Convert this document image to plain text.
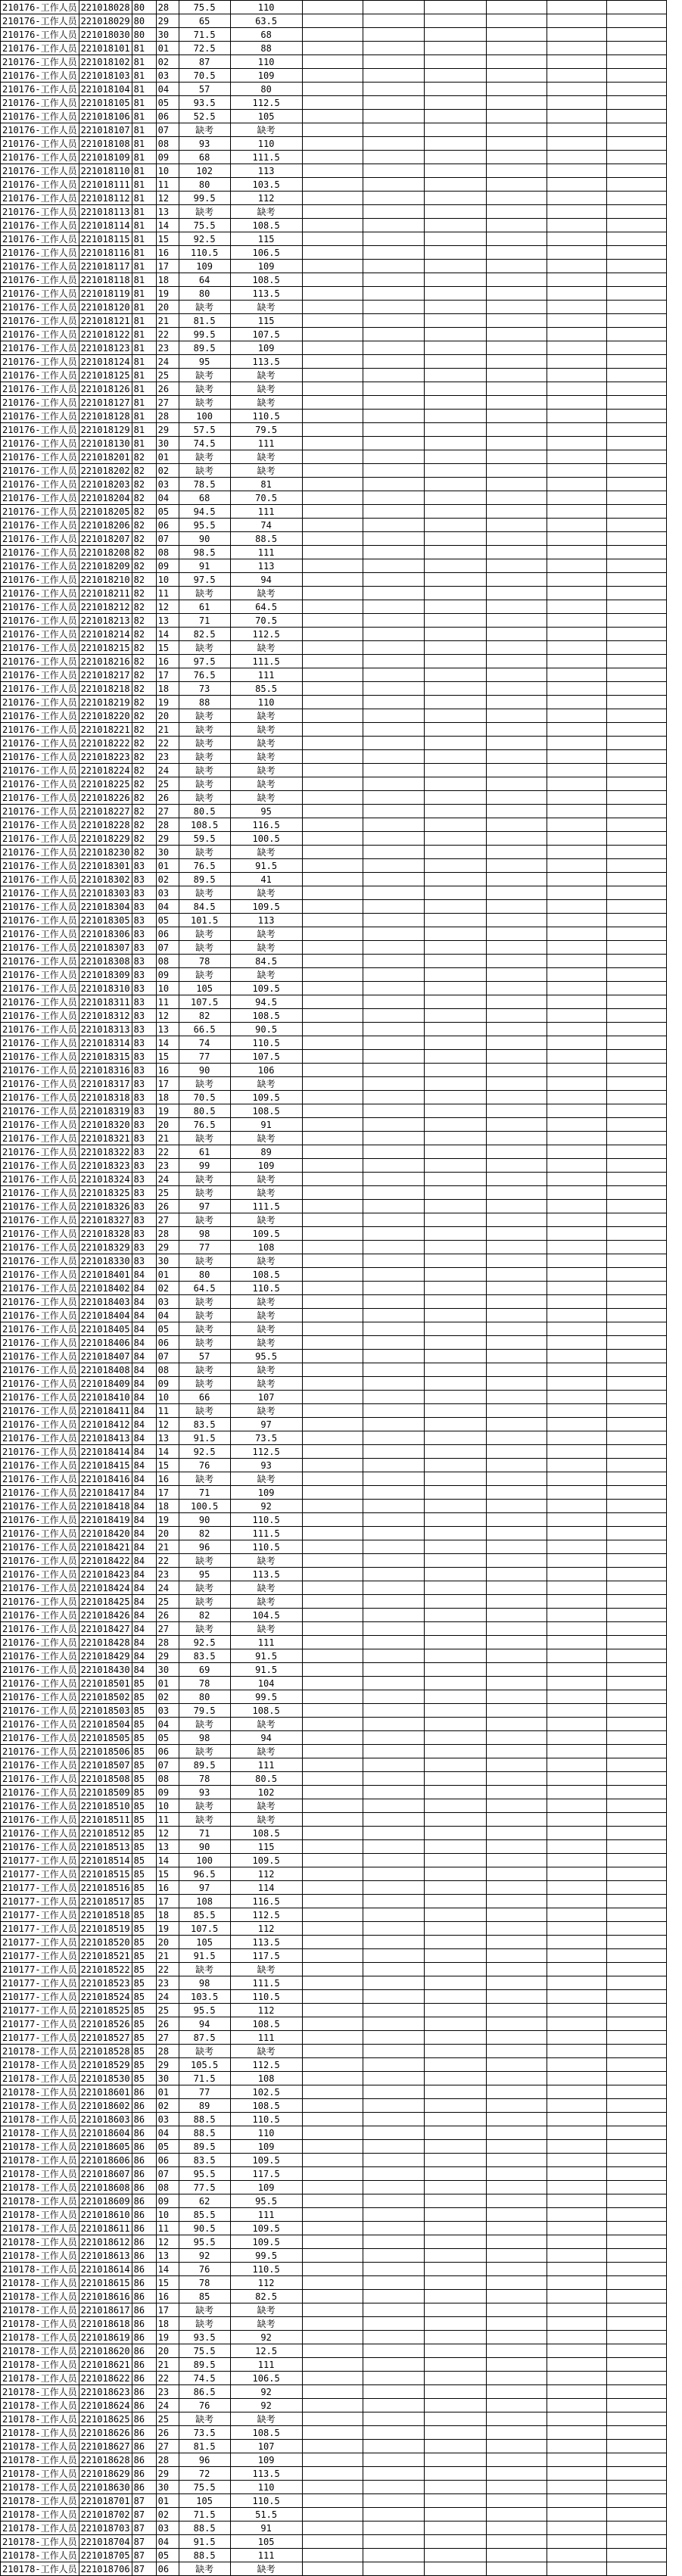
210176-工作人员	221018028	80	28	75.5	110						
210176-工作人员	221018029	80	29	65	63.5						
210176-工作人员	221018030	80	30	71.5	68						
210176-工作人员	221018101	81	01	72.5	88						
210176-工作人员	221018102	81	02	87	110						
210176-工作人员	221018103	81	03	70.5	109						
210176-工作人员	221018104	81	04	57	80						
210176-工作人员	221018105	81	05	93.5	112.5						
210176-工作人员	221018106	81	06	52.5	105						
210176-工作人员	221018107	81	07	缺考	缺考						
210176-工作人员	221018108	81	08	93	110						
210176-工作人员	221018109	81	09	68	111.5						
210176-工作人员	221018110	81	10	102	113						
210176-工作人员	221018111	81	11	80	103.5						
210176-工作人员	221018112	81	12	99.5	112						
210176-工作人员	221018113	81	13	缺考	缺考						
210176-工作人员	221018114	81	14	75.5	108.5						
210176-工作人员	221018115	81	15	92.5	115						
210176-工作人员	221018116	81	16	110.5	106.5						
210176-工作人员	221018117	81	17	109	109						
210176-工作人员	221018118	81	18	64	108.5						
210176-工作人员	221018119	81	19	80	113.5						
210176-工作人员	221018120	81	20	缺考	缺考						
210176-工作人员	221018121	81	21	81.5	115						
210176-工作人员	221018122	81	22	99.5	107.5						
210176-工作人员	221018123	81	23	89.5	109						
210176-工作人员	221018124	81	24	95	113.5						
210176-工作人员	221018125	81	25	缺考	缺考						
210176-工作人员	221018126	81	26	缺考	缺考						
210176-工作人员	221018127	81	27	缺考	缺考						
210176-工作人员	221018128	81	28	100	110.5						
210176-工作人员	221018129	81	29	57.5	79.5						
210176-工作人员	221018130	81	30	74.5	111						
210176-工作人员	221018201	82	01	缺考	缺考						
210176-工作人员	221018202	82	02	缺考	缺考						
210176-工作人员	221018203	82	03	78.5	81						
210176-工作人员	221018204	82	04	68	70.5						
210176-工作人员	221018205	82	05	94.5	111						
210176-工作人员	221018206	82	06	95.5	74						
210176-工作人员	221018207	82	07	90	88.5						
210176-工作人员	221018208	82	08	98.5	111						
210176-工作人员	221018209	82	09	91	113						
210176-工作人员	221018210	82	10	97.5	94						
210176-工作人员	221018211	82	11	缺考	缺考						
210176-工作人员	221018212	82	12	61	64.5						
210176-工作人员	221018213	82	13	71	70.5						
210176-工作人员	221018214	82	14	82.5	112.5						
210176-工作人员	221018215	82	15	缺考	缺考						
210176-工作人员	221018216	82	16	97.5	111.5						
210176-工作人员	221018217	82	17	76.5	111						
210176-工作人员	221018218	82	18	73	85.5						
210176-工作人员	221018219	82	19	88	110						
210176-工作人员	221018220	82	20	缺考	缺考						
210176-工作人员	221018221	82	21	缺考	缺考						
210176-工作人员	221018222	82	22	缺考	缺考						
210176-工作人员	221018223	82	23	缺考	缺考						
210176-工作人员	221018224	82	24	缺考	缺考						
210176-工作人员	221018225	82	25	缺考	缺考						
210176-工作人员	221018226	82	26	缺考	缺考						
210176-工作人员	221018227	82	27	80.5	95						
210176-工作人员	221018228	82	28	108.5	116.5						
210176-工作人员	221018229	82	29	59.5	100.5						
210176-工作人员	221018230	82	30	缺考	缺考						
210176-工作人员	221018301	83	01	76.5	91.5						
210176-工作人员	221018302	83	02	89.5	41						
210176-工作人员	221018303	83	03	缺考	缺考						
210176-工作人员	221018304	83	04	84.5	109.5						
210176-工作人员	221018305	83	05	101.5	113						
210176-工作人员	221018306	83	06	缺考	缺考						
210176-工作人员	221018307	83	07	缺考	缺考						
210176-工作人员	221018308	83	08	78	84.5						
210176-工作人员	221018309	83	09	缺考	缺考						
210176-工作人员	221018310	83	10	105	109.5						
210176-工作人员	221018311	83	11	107.5	94.5						
210176-工作人员	221018312	83	12	82	108.5						
210176-工作人员	221018313	83	13	66.5	90.5						
210176-工作人员	221018314	83	14	74	110.5						
210176-工作人员	221018315	83	15	77	107.5						
210176-工作人员	221018316	83	16	90	106						
210176-工作人员	221018317	83	17	缺考	缺考						
210176-工作人员	221018318	83	18	70.5	109.5						
210176-工作人员	221018319	83	19	80.5	108.5						
210176-工作人员	221018320	83	20	76.5	91						
210176-工作人员	221018321	83	21	缺考	缺考						
210176-工作人员	221018322	83	22	61	89						
210176-工作人员	221018323	83	23	99	109						
210176-工作人员	221018324	83	24	缺考	缺考						
210176-工作人员	221018325	83	25	缺考	缺考						
210176-工作人员	221018326	83	26	97	111.5						
210176-工作人员	221018327	83	27	缺考	缺考						
210176-工作人员	221018328	83	28	98	109.5						
210176-工作人员	221018329	83	29	77	108						
210176-工作人员	221018330	83	30	缺考	缺考						
210176-工作人员	221018401	84	01	80	108.5						
210176-工作人员	221018402	84	02	64.5	110.5						
210176-工作人员	221018403	84	03	缺考	缺考						
210176-工作人员	221018404	84	04	缺考	缺考						
210176-工作人员	221018405	84	05	缺考	缺考						
210176-工作人员	221018406	84	06	缺考	缺考						
210176-工作人员	221018407	84	07	57	95.5						
210176-工作人员	221018408	84	08	缺考	缺考						
210176-工作人员	221018409	84	09	缺考	缺考						
210176-工作人员	221018410	84	10	66	107						
210176-工作人员	221018411	84	11	缺考	缺考						
210176-工作人员	221018412	84	12	83.5	97						
210176-工作人员	221018413	84	13	91.5	73.5						
210176-工作人员	221018414	84	14	92.5	112.5						
210176-工作人员	221018415	84	15	76	93						
210176-工作人员	221018416	84	16	缺考	缺考						
210176-工作人员	221018417	84	17	71	109						
210176-工作人员	221018418	84	18	100.5	92						
210176-工作人员	221018419	84	19	90	110.5						
210176-工作人员	221018420	84	20	82	111.5						
210176-工作人员	221018421	84	21	96	110.5						
210176-工作人员	221018422	84	22	缺考	缺考						
210176-工作人员	221018423	84	23	95	113.5						
210176-工作人员	221018424	84	24	缺考	缺考						
210176-工作人员	221018425	84	25	缺考	缺考						
210176-工作人员	221018426	84	26	82	104.5						
210176-工作人员	221018427	84	27	缺考	缺考						
210176-工作人员	221018428	84	28	92.5	111						
210176-工作人员	221018429	84	29	83.5	91.5						
210176-工作人员	221018430	84	30	69	91.5						
210176-工作人员	221018501	85	01	78	104						
210176-工作人员	221018502	85	02	80	99.5						
210176-工作人员	221018503	85	03	79.5	108.5						
210176-工作人员	221018504	85	04	缺考	缺考						
210176-工作人员	221018505	85	05	98	94						
210176-工作人员	221018506	85	06	缺考	缺考						
210176-工作人员	221018507	85	07	89.5	111						
210176-工作人员	221018508	85	08	78	80.5						
210176-工作人员	221018509	85	09	93	102						
210176-工作人员	221018510	85	10	缺考	缺考						
210176-工作人员	221018511	85	11	缺考	缺考						
210176-工作人员	221018512	85	12	71	108.5						
210176-工作人员	221018513	85	13	90	115						
210177-工作人员	221018514	85	14	100	109.5						
210177-工作人员	221018515	85	15	96.5	112						
210177-工作人员	221018516	85	16	97	114						
210177-工作人员	221018517	85	17	108	116.5						
210177-工作人员	221018518	85	18	85.5	112.5						
210177-工作人员	221018519	85	19	107.5	112						
210177-工作人员	221018520	85	20	105	113.5						
210177-工作人员	221018521	85	21	91.5	117.5						
210177-工作人员	221018522	85	22	缺考	缺考						
210177-工作人员	221018523	85	23	98	111.5						
210177-工作人员	221018524	85	24	103.5	110.5						
210177-工作人员	221018525	85	25	95.5	112						
210177-工作人员	221018526	85	26	94	108.5						
210177-工作人员	221018527	85	27	87.5	111						
210178-工作人员	221018528	85	28	缺考	缺考						
210178-工作人员	221018529	85	29	105.5	112.5						
210178-工作人员	221018530	85	30	71.5	108						
210178-工作人员	221018601	86	01	77	102.5						
210178-工作人员	221018602	86	02	89	108.5						
210178-工作人员	221018603	86	03	88.5	110.5						
210178-工作人员	221018604	86	04	88.5	110						
210178-工作人员	221018605	86	05	89.5	109						
210178-工作人员	221018606	86	06	83.5	109.5						
210178-工作人员	221018607	86	07	95.5	117.5						
210178-工作人员	221018608	86	08	77.5	109						
210178-工作人员	221018609	86	09	62	95.5						
210178-工作人员	221018610	86	10	85.5	111						
210178-工作人员	221018611	86	11	90.5	109.5						
210178-工作人员	221018612	86	12	95.5	109.5						
210178-工作人员	221018613	86	13	92	99.5						
210178-工作人员	221018614	86	14	76	110.5						
210178-工作人员	221018615	86	15	78	112						
210178-工作人员	221018616	86	16	85	82.5						
210178-工作人员	221018617	86	17	缺考	缺考						
210178-工作人员	221018618	86	18	缺考	缺考						
210178-工作人员	221018619	86	19	93.5	92						
210178-工作人员	221018620	86	20	75.5	12.5						
210178-工作人员	221018621	86	21	89.5	111						
210178-工作人员	221018622	86	22	74.5	106.5						
210178-工作人员	221018623	86	23	86.5	92						
210178-工作人员	221018624	86	24	76	92						
210178-工作人员	221018625	86	25	缺考	缺考						
210178-工作人员	221018626	86	26	73.5	108.5						
210178-工作人员	221018627	86	27	81.5	107						
210178-工作人员	221018628	86	28	96	109						
210178-工作人员	221018629	86	29	72	113.5						
210178-工作人员	221018630	86	30	75.5	110						
210178-工作人员	221018701	87	01	105	110.5						
210178-工作人员	221018702	87	02	71.5	51.5						
210178-工作人员	221018703	87	03	88.5	91						
210178-工作人员	221018704	87	04	91.5	105						
210178-工作人员	221018705	87	05	88.5	111						
210178-工作人员	221018706	87	06	缺考	缺考						
